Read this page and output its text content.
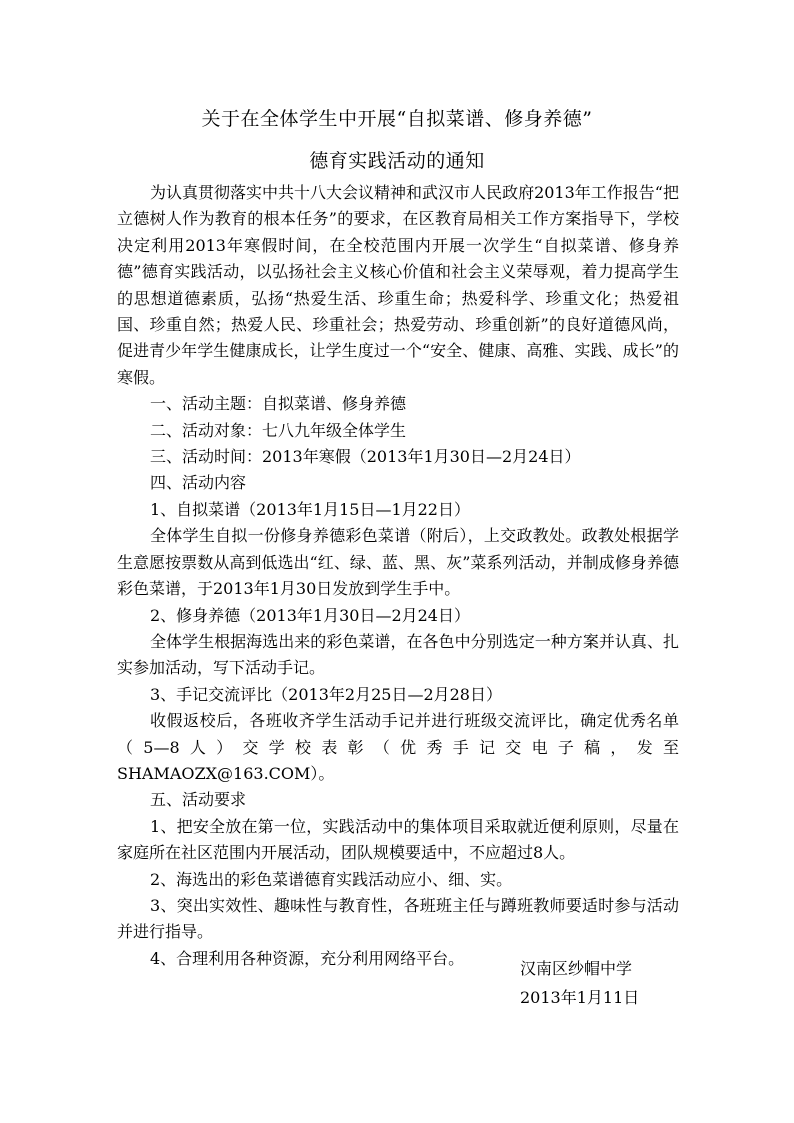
关于在全体学生中开展“自拟菜谱、修身养德”
德育实践活动的通知

为认真贯彻落实中共十八大会议精神和武汉市人民政府2013年工作报告“把立德树人作为教育的根本任务”的要求，在区教育局相关工作方案指导下，学校决定利用2013年寒假时间，在全校范围内开展一次学生“自拟菜谱、修身养德”德育实践活动，以弘扬社会主义核心价值和社会主义荣辱观，着力提高学生的思想道德素质，弘扬“热爱生活、珍重生命；热爱科学、珍重文化；热爱祖国、珍重自然；热爱人民、珍重社会；热爱劳动、珍重创新”的良好道德风尚，促进青少年学生健康成长，让学生度过一个“安全、健康、高雅、实践、成长”的寒假。

一、活动主题：自拟菜谱、修身养德

二、活动对象：七八九年级全体学生

三、活动时间：2013年寒假（2013年1月30日—2月24日）

四、活动内容

1、自拟菜谱（2013年1月15日—1月22日）

全体学生自拟一份修身养德彩色菜谱（附后），上交政教处。政教处根据学生意愿按票数从高到低选出“红、绿、蓝、黑、灰”菜系列活动，并制成修身养德彩色菜谱，于2013年1月30日发放到学生手中。

2、修身养德（2013年1月30日—2月24日）

全体学生根据海选出来的彩色菜谱，在各色中分别选定一种方案并认真、扎实参加活动，写下活动手记。

3、手记交流评比（2013年2月25日—2月28日）

收假返校后，各班收齐学生活动手记并进行班级交流评比，确定优秀名单（5—8人）交学校表彰（优秀手记交电子稿，发至SHAMAOZX@163.COM）。

五、活动要求

1、把安全放在第一位，实践活动中的集体项目采取就近便利原则，尽量在家庭所在社区范围内开展活动，团队规模要适中，不应超过8人。

2、海选出的彩色菜谱德育实践活动应小、细、实。

3、突出实效性、趣味性与教育性，各班班主任与蹲班教师要适时参与活动并进行指导。

4、合理利用各种资源，充分利用网络平台。

汉南区纱帽中学
2013年1月11日
